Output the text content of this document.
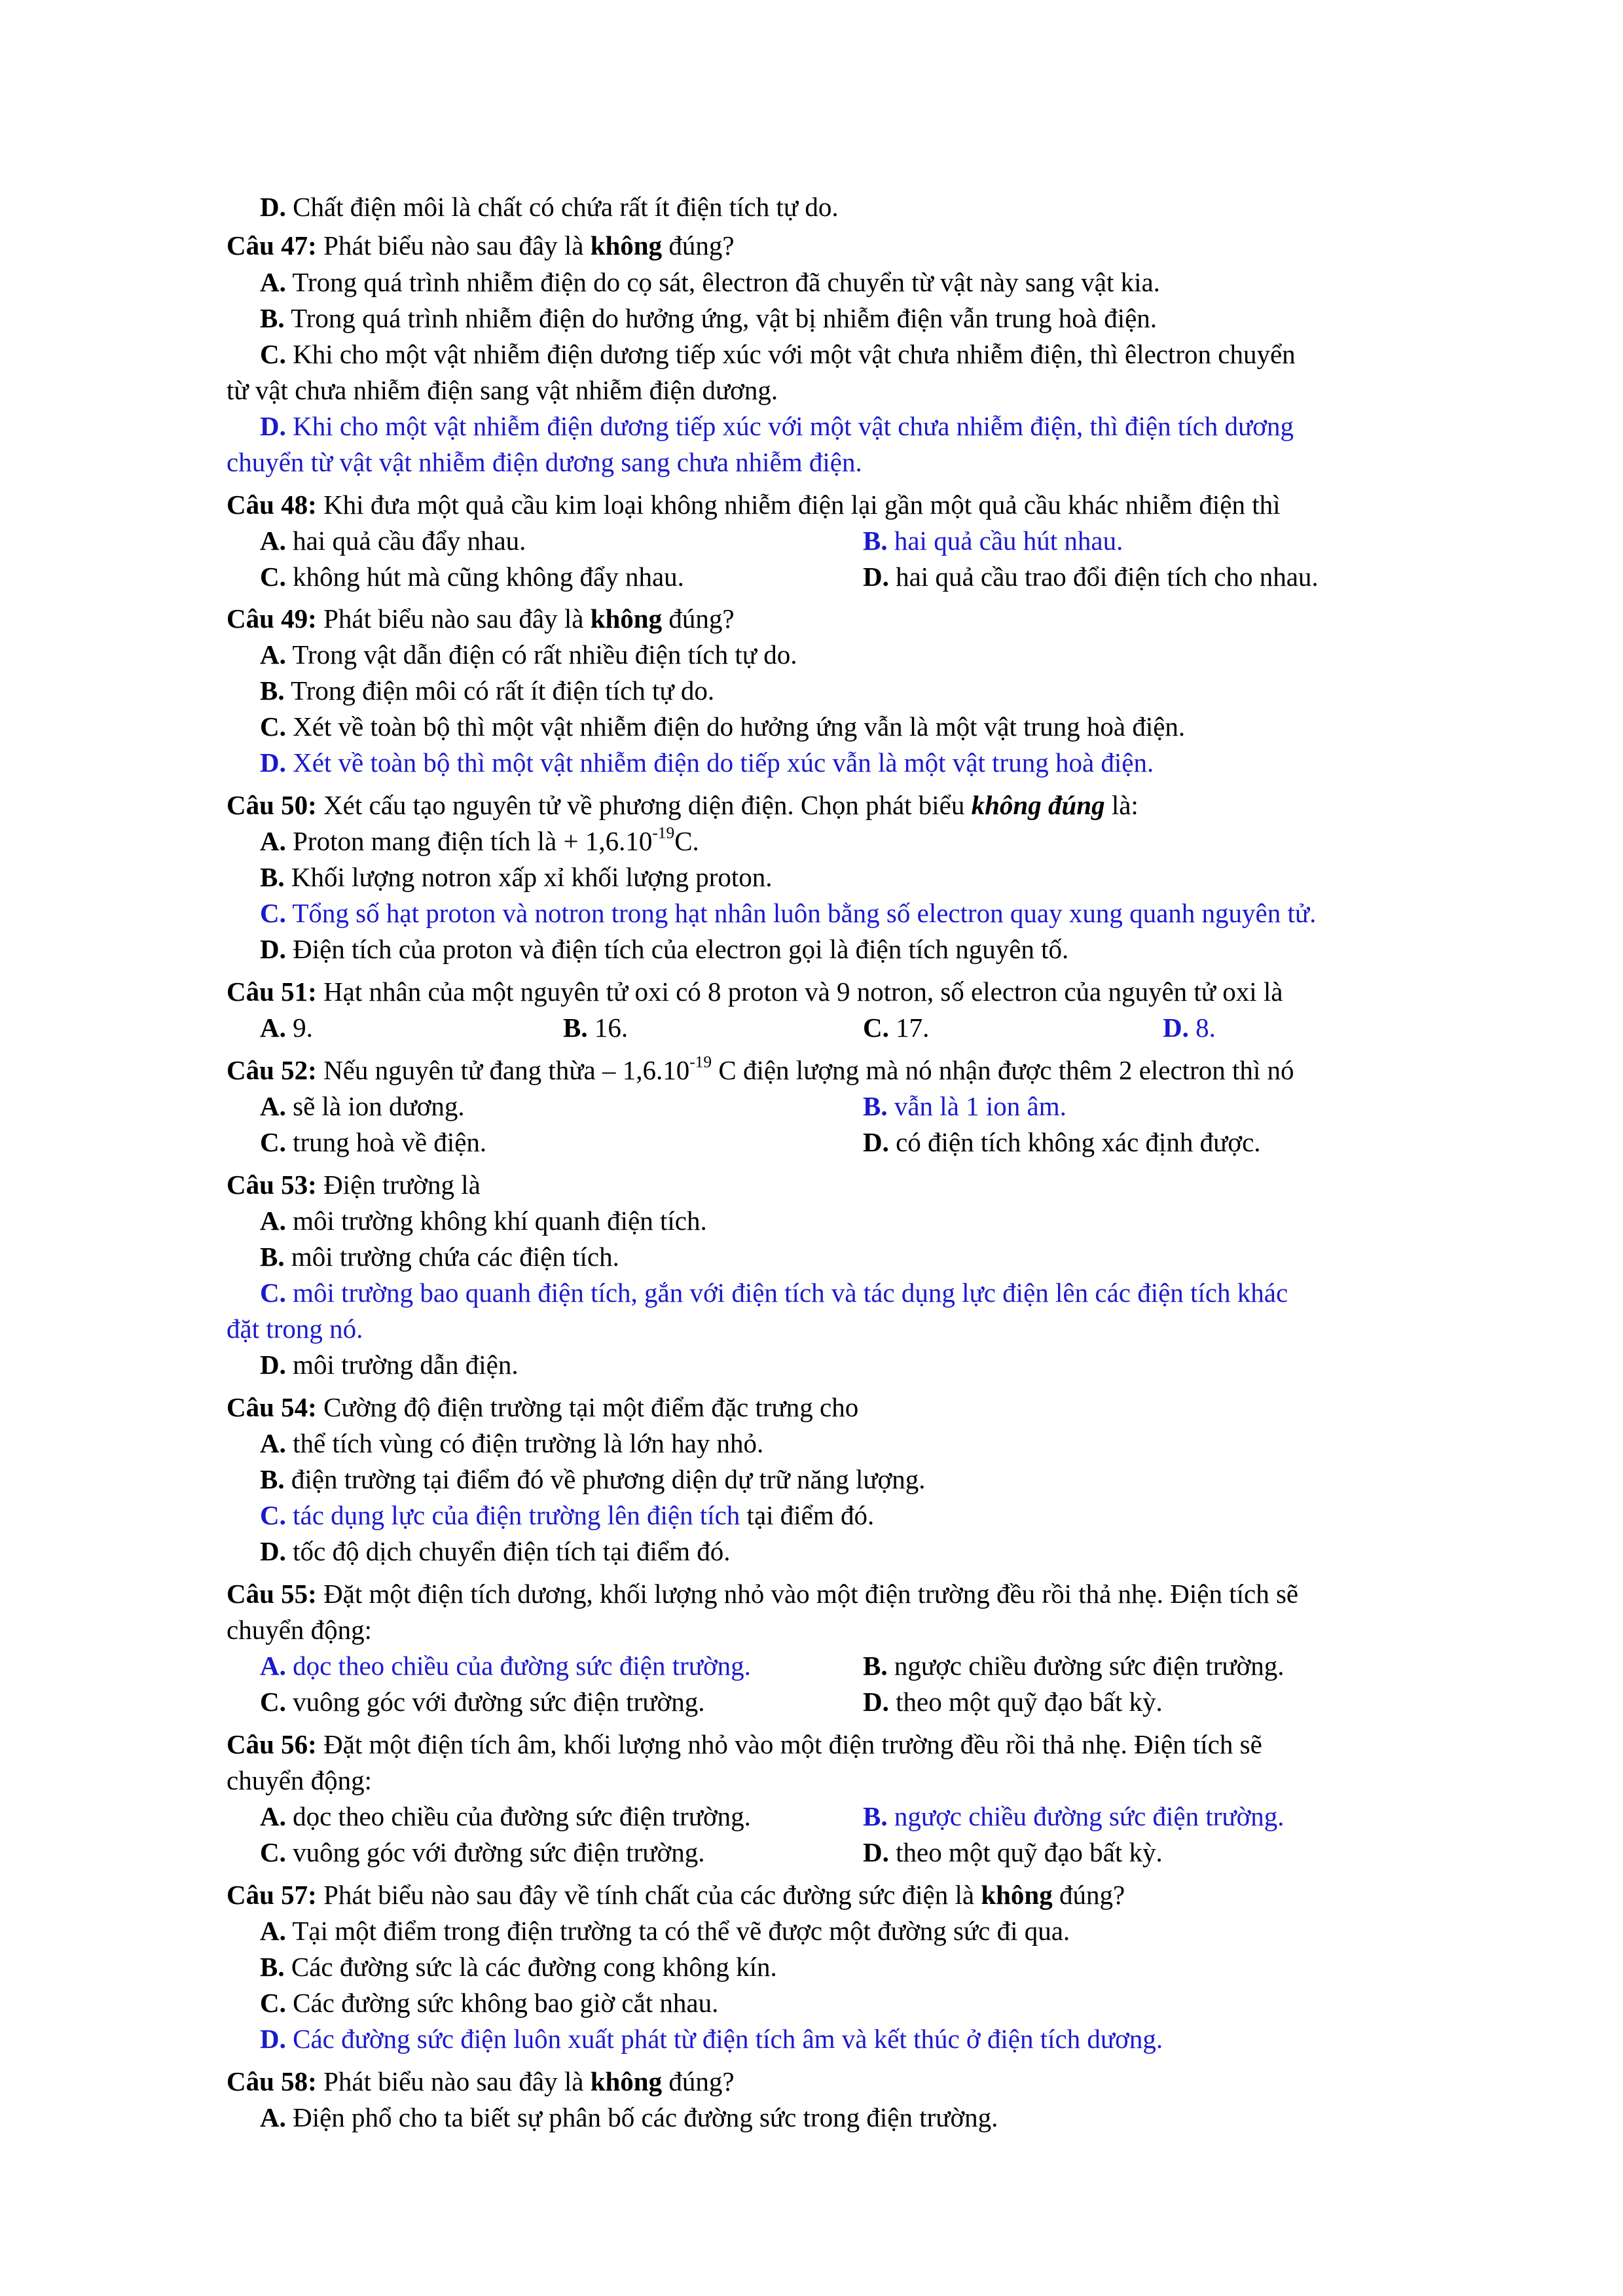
D. Chất điện môi là chất có chứa rất ít điện tích tự do.
Câu 47: Phát biểu nào sau đây là không đúng?
A. Trong quá trình nhiễm điện do cọ sát, êlectron đã chuyển từ vật này sang vật kia.
B. Trong quá trình nhiễm điện do hưởng ứng, vật bị nhiễm điện vẫn trung hoà điện.
C. Khi cho một vật nhiễm điện dương tiếp xúc với một vật chưa nhiễm điện, thì êlectron chuyển
từ vật chưa nhiễm điện sang vật nhiễm điện dương.
D. Khi cho một vật nhiễm điện dương tiếp xúc với một vật chưa nhiễm điện, thì điện tích dương
chuyển từ vật vật nhiễm điện dương sang chưa nhiễm điện.
Câu 48: Khi đưa một quả cầu kim loại không nhiễm điện lại gần một quả cầu khác nhiễm điện thì
A. hai quả cầu đẩy nhau.	B. hai quả cầu hút nhau.
C. không hút mà cũng không đẩy nhau.	D. hai quả cầu trao đổi điện tích cho nhau.
Câu 49: Phát biểu nào sau đây là không đúng?
A. Trong vật dẫn điện có rất nhiều điện tích tự do.
B. Trong điện môi có rất ít điện tích tự do.
C. Xét về toàn bộ thì một vật nhiễm điện do hưởng ứng vẫn là một vật trung hoà điện.
D. Xét về toàn bộ thì một vật nhiễm điện do tiếp xúc vẫn là một vật trung hoà điện.
Câu 50: Xét cấu tạo nguyên tử về phương diện điện. Chọn phát biểu không đúng là:
A. Proton mang điện tích là + $1,6.10^{-19}C$.
B. Khối lượng notron xấp xỉ khối lượng proton.
C. Tổng số hạt proton và notron trong hạt nhân luôn bằng số electron quay xung quanh nguyên tử.
D. Điện tích của proton và điện tích của electron gọi là điện tích nguyên tố.
Câu 51: Hạt nhân của một nguyên tử oxi có 8 proton và 9 notron, số electron của nguyên tử oxi là
A. 9.	B. 16.	C. 17.	D. 8.
Câu 52: Nếu nguyên tử đang thừa – $1,6.10^{-19}$ C điện lượng mà nó nhận được thêm 2 electron thì nó
A. sẽ là ion dương.	B. vẫn là 1 ion âm.
C. trung hoà về điện.	D. có điện tích không xác định được.
Câu 53: Điện trường là
A. môi trường không khí quanh điện tích.
B. môi trường chứa các điện tích.
C. môi trường bao quanh điện tích, gắn với điện tích và tác dụng lực điện lên các điện tích khác
đặt trong nó.
D. môi trường dẫn điện.
Câu 54: Cường độ điện trường tại một điểm đặc trưng cho
A. thể tích vùng có điện trường là lớn hay nhỏ.
B. điện trường tại điểm đó về phương diện dự trữ năng lượng.
C. tác dụng lực của điện trường lên điện tích tại điểm đó.
D. tốc độ dịch chuyển điện tích tại điểm đó.
Câu 55: Đặt một điện tích dương, khối lượng nhỏ vào một điện trường đều rồi thả nhẹ. Điện tích sẽ
chuyển động:
A. dọc theo chiều của đường sức điện trường.	B. ngược chiều đường sức điện trường.
C. vuông góc với đường sức điện trường.	D. theo một quỹ đạo bất kỳ.
Câu 56: Đặt một điện tích âm, khối lượng nhỏ vào một điện trường đều rồi thả nhẹ. Điện tích sẽ
chuyển động:
A. dọc theo chiều của đường sức điện trường.	B. ngược chiều đường sức điện trường.
C. vuông góc với đường sức điện trường.	D. theo một quỹ đạo bất kỳ.
Câu 57: Phát biểu nào sau đây về tính chất của các đường sức điện là không đúng?
A. Tại một điểm trong điện trường ta có thể vẽ được một đường sức đi qua.
B. Các đường sức là các đường cong không kín.
C. Các đường sức không bao giờ cắt nhau.
D. Các đường sức điện luôn xuất phát từ điện tích âm và kết thúc ở điện tích dương.
Câu 58: Phát biểu nào sau đây là không đúng?
A. Điện phổ cho ta biết sự phân bố các đường sức trong điện trường.
